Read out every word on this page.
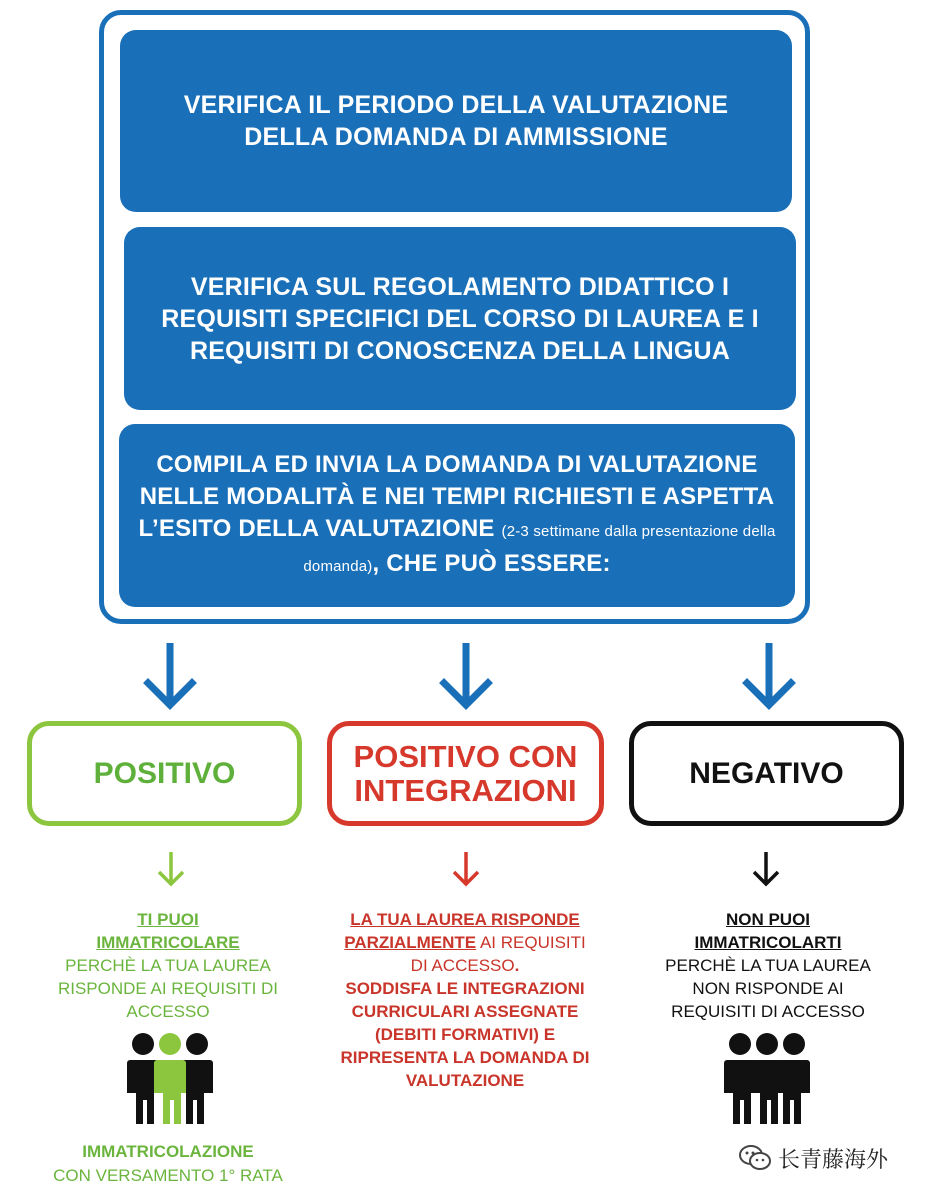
VERIFICA IL PERIODO DELLA VALUTAZIONE DELLA DOMANDA DI AMMISSIONE
VERIFICA SUL REGOLAMENTO DIDATTICO I REQUISITI SPECIFICI DEL CORSO DI LAUREA E I REQUISITI DI CONOSCENZA DELLA LINGUA
COMPILA ED INVIA LA DOMANDA DI VALUTAZIONE NELLE MODALITÀ E NEI TEMPI RICHIESTI E ASPETTA L’ESITO DELLA VALUTAZIONE (2-3 settimane dalla presentazione della domanda), CHE PUÒ ESSERE:
POSITIVO	POSITIVO CON INTEGRAZIONI	NEGATIVO
TI PUOI IMMATRICOLARE
PERCHÈ LA TUA LAUREA RISPONDE AI REQUISITI DI ACCESSO
LA TUA LAUREA RISPONDE
PARZIALMENTE AI REQUISITI
DI ACCESSO.

SODDISFA LE INTEGRAZIONI CURRICULARI ASSEGNATE (DEBITI FORMATIVI) E RIPRESENTA LA DOMANDA DI VALUTAZIONE
NON PUOI IMMATRICOLARTI
PERCHÈ LA TUA LAUREA NON RISPONDE AI REQUISITI DI ACCESSO
IMMATRICOLAZIONE
CON VERSAMENTO 1° RATA
长青藤海外
